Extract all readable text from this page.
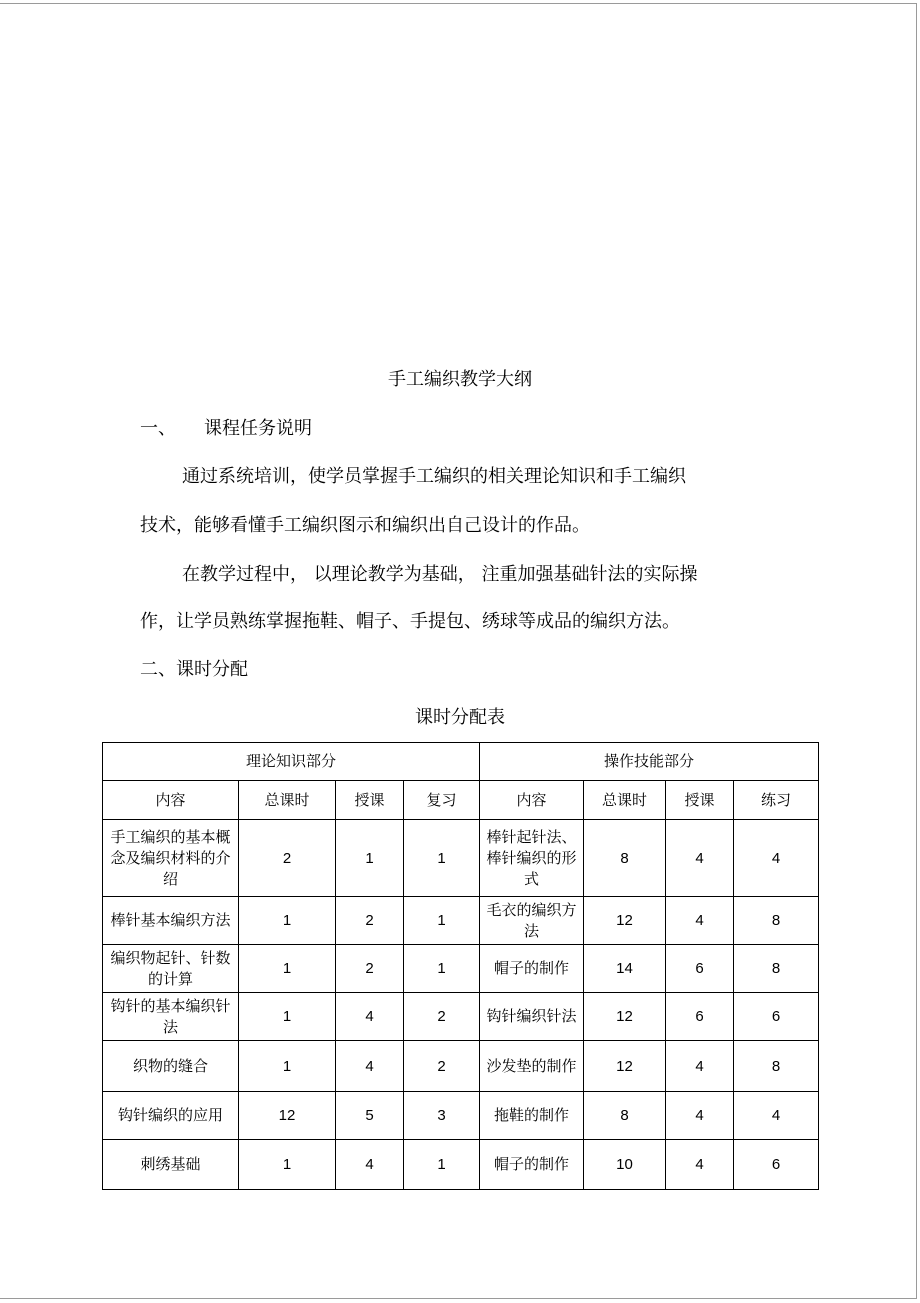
手工编织教学大纲
一、	课程任务说明
通过系统培训，使学员掌握手工编织的相关理论知识和手工编织
技术，能够看懂手工编织图示和编织出自己设计的作品。
在教学过程中， 以理论教学为基础， 注重加强基础针法的实际操
作，让学员熟练掌握拖鞋、帽子、手提包、绣球等成品的编织方法。
二、课时分配
课时分配表
理论知识部分				操作技能部分			
内容	总课时	授课	复习	内容	总课时	授课	练习
手工编织的基本概念及编织材料的介绍	2	1	1	棒针起针法、棒针编织的形式	8	4	4
棒针基本编织方法	1	2	1	毛衣的编织方法	12	4	8
编织物起针、针数的计算	1	2	1	帽子的制作	14	6	8
钩针的基本编织针法	1	4	2	钩针编织针法	12	6	6
织物的缝合	1	4	2	沙发垫的制作	12	4	8
钩针编织的应用	12	5	3	拖鞋的制作	8	4	4
刺绣基础	1	4	1	帽子的制作	10	4	6
